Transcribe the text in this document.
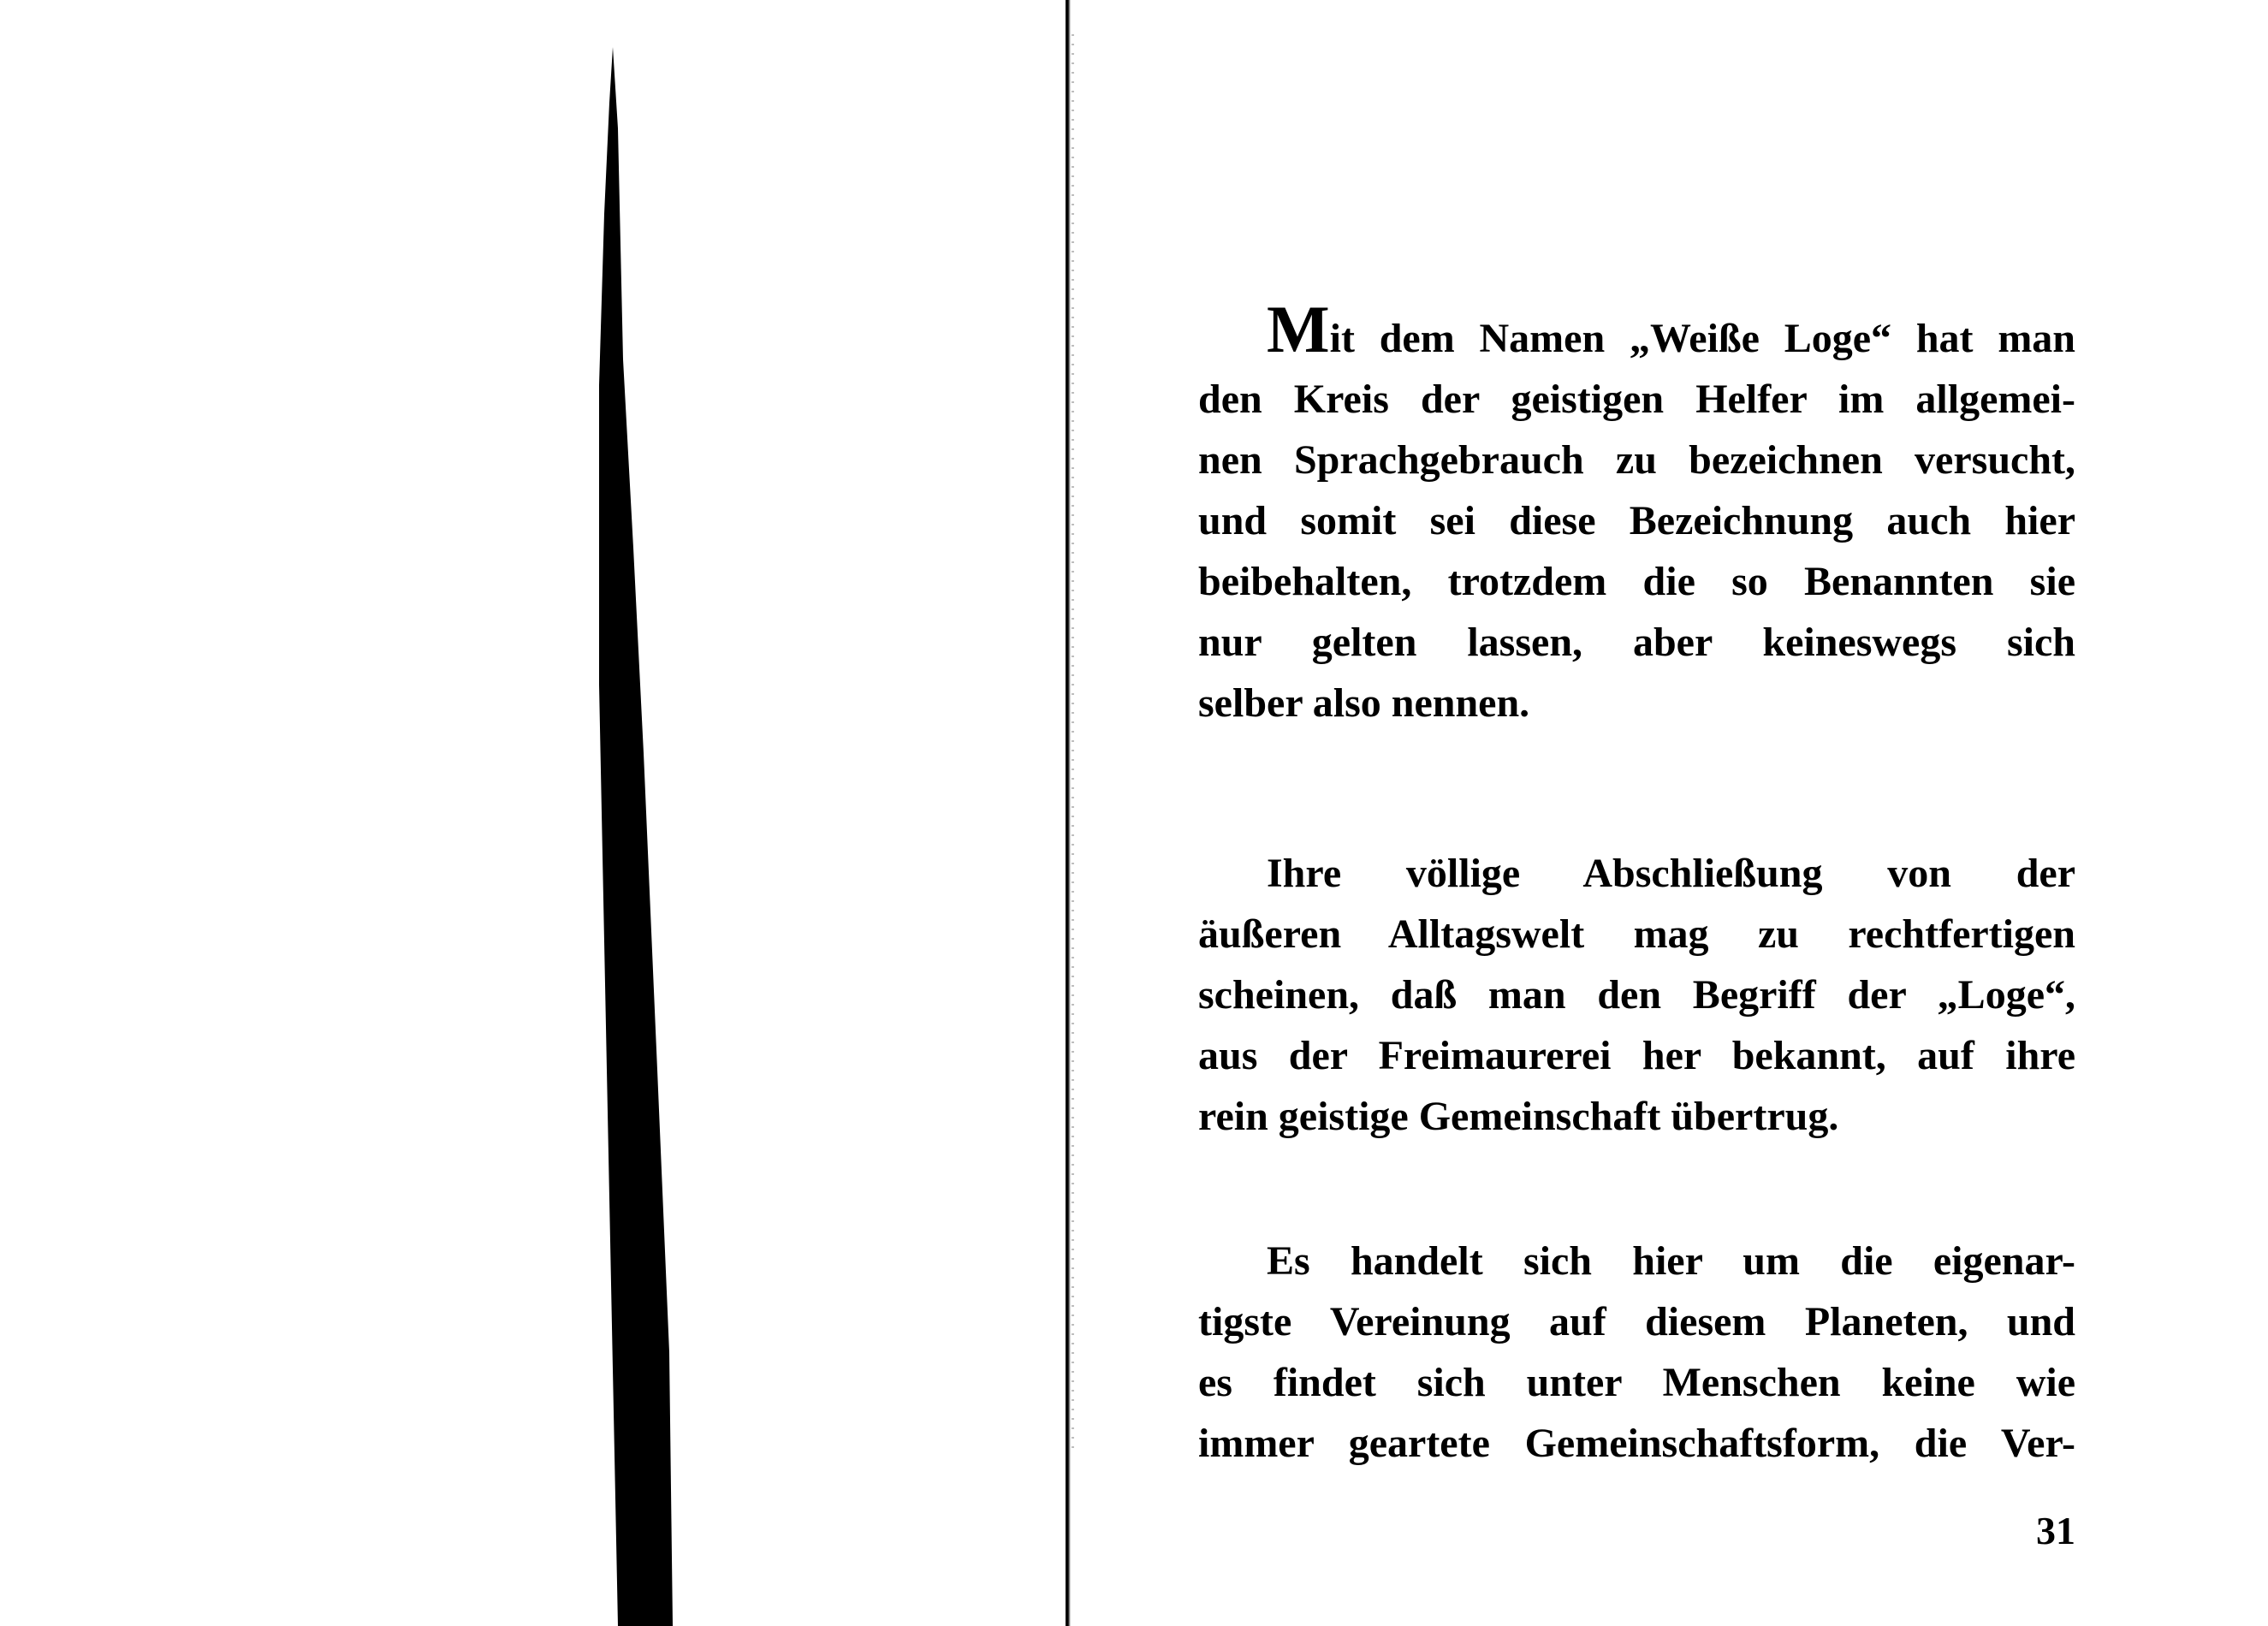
Mit dem Namen „Weiße Loge“ hat man
den Kreis der geistigen Helfer im allgemei-
nen Sprachgebrauch zu bezeichnen versucht,
und somit sei diese Bezeichnung auch hier
beibehalten, trotzdem die so Benannten sie
nur gelten lassen, aber keineswegs sich
selber also nennen.

Ihre völlige Abschließung von der
äußeren Alltagswelt mag zu rechtfertigen
scheinen, daß man den Begriff der „Loge“,
aus der Freimaurerei her bekannt, auf ihre
rein geistige Gemeinschaft übertrug.

Es handelt sich hier um die eigenar-
tigste Vereinung auf diesem Planeten, und
es findet sich unter Menschen keine wie
immer geartete Gemeinschaftsform, die Ver-

31
